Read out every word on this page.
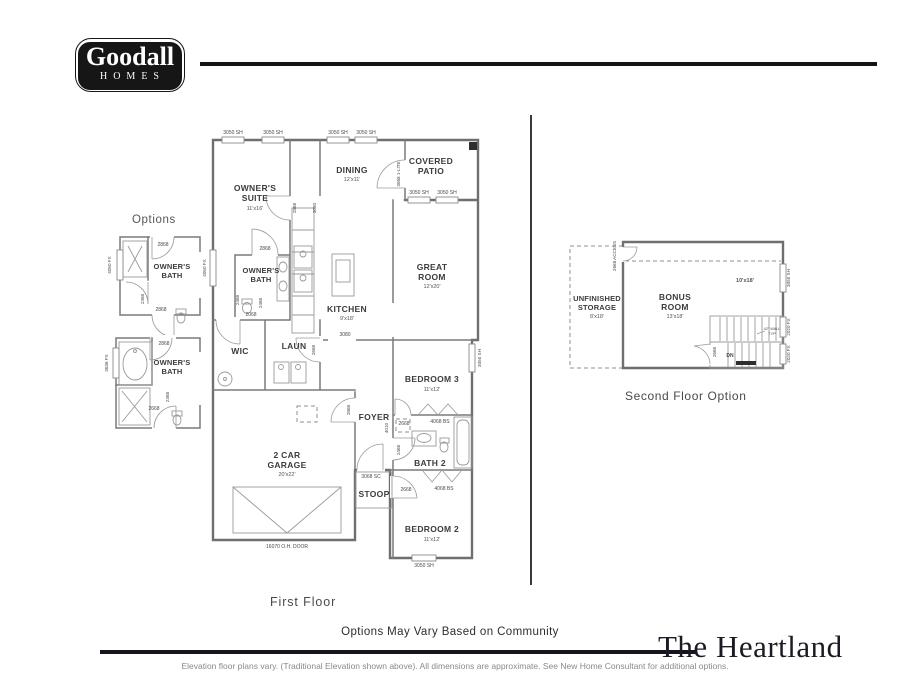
Goodall
HOMES
Options
First Floor
Second Floor Option
4050 FX
2868
2868
2468
OWNER'S
BATH
3636 FX
2868
2668
2468
OWNER'S
BATH
3050 SH	3050 SH	3050 SH 3050 SH
3050 SH 3050 SH
4050 FX
3050 SH
3050 SH
2868	3080
3068 1-LITE
2868
2468	2468
2068
2668
3080
2868
2668	4068 BS
2468
4010
2668	4068 BS
3068 SC
16070 O.H. DOOR
OWNER'S
SUITE
11'x16'
DINING
12'x11'
COVERED
PATIO
GREAT
ROOM
12'x20'
KITCHEN
9'x18'
OWNER'S
BATH
WIC	LAUN
FOYER
STOOP
BEDROOM 3
11'x12'
BATH 2
BEDROOM 2
11'x12'
2 CAR
GARAGE
20'x22'
3050 SH
2020 FX
2020 FX
2668 ACCESS
2668 DN
42" WALL
TYP
UNFINISHED
STORAGE
8'x18'
BONUS
ROOM
13'x18'
10'x18'
Options May Vary Based on Community	The Heartland
Elevation floor plans vary. (Traditional Elevation shown above). All dimensions are approximate. See New Home Consultant for additional options.
